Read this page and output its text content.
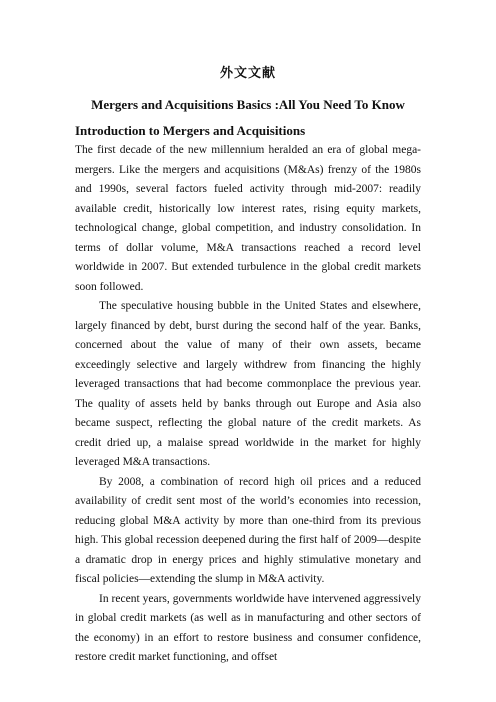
外文文献
Mergers and Acquisitions Basics :All You Need To Know
Introduction to Mergers and Acquisitions

The first decade of the new millennium heralded an era of global mega-mergers. Like the mergers and acquisitions (M&As) frenzy of the 1980s and 1990s, several factors fueled activity through mid-2007: readily available credit, historically low interest rates, rising equity markets, technological change, global competition, and industry consolidation. In terms of dollar volume, M&A transactions reached a record level worldwide in 2007. But extended turbulence in the global credit markets soon followed.

The speculative housing bubble in the United States and elsewhere, largely financed by debt, burst during the second half of the year. Banks, concerned about the value of many of their own assets, became exceedingly selective and largely withdrew from financing the highly leveraged transactions that had become commonplace the previous year. The quality of assets held by banks through out Europe and Asia also became suspect, reflecting the global nature of the credit markets. As credit dried up, a malaise spread worldwide in the market for highly leveraged M&A transactions.

By 2008, a combination of record high oil prices and a reduced availability of credit sent most of the world’s economies into recession, reducing global M&A activity by more than one-third from its previous high. This global recession deepened during the first half of 2009—despite a dramatic drop in energy prices and highly stimulative monetary and fiscal policies—extending the slump in M&A activity.

In recent years, governments worldwide have intervened aggressively in global credit markets (as well as in manufacturing and other sectors of the economy) in an effort to restore business and consumer confidence, restore credit market functioning, and offset
